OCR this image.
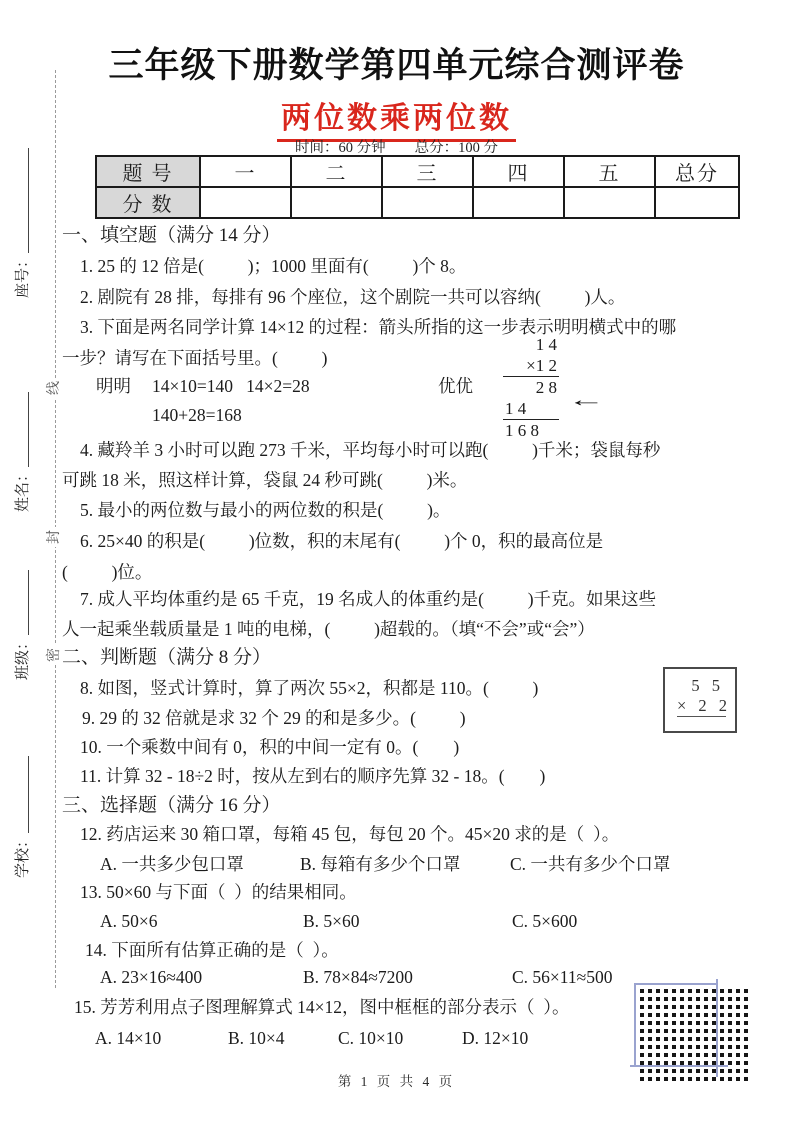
座号：
姓名：
班级：
学校：
线
封
密
三年级下册数学第四单元综合测评卷
两位数乘两位数
时间：60 分钟        总分：100 分
题 号	一	二	三	四	五	总分
分 数						
一、填空题（满分 14 分）
1. 25 的 12 倍是(          )；1000 里面有(          )个 8。
2. 剧院有 28 排，每排有 96 个座位，这个剧院一共可以容纳(          )人。
3. 下面是两名同学计算 14×12 的过程：箭头所指的这一步表示明明横式中的哪
一步？请写在下面括号里。(          )
明明 14×10=140   14×2=28
140+28=168
优优
1 4
×1 2
2 8
1 4
1 6 8
←
4. 藏羚羊 3 小时可以跑 273 千米，平均每小时可以跑(          )千米；袋鼠每秒
可跳 18 米，照这样计算，袋鼠 24 秒可跳(          )米。
5. 最小的两位数与最小的两位数的积是(          )。
6. 25×40 的积是(          )位数，积的末尾有(          )个 0，积的最高位是
(          )位。
7. 成人平均体重约是 65 千克，19 名成人的体重约是(          )千克。如果这些
人一起乘坐载质量是 1 吨的电梯，(          )超载的。（填“不会”或“会”）
二、判断题（满分 8 分）
8. 如图，竖式计算时，算了两次 55×2，积都是 110。(          )
9. 29 的 32 倍就是求 32 个 29 的和是多少。(          )
10. 一个乘数中间有 0，积的中间一定有 0。(        )
11. 计算 32 - 18÷2 时，按从左到右的顺序先算 32 - 18。(        )
5 5
× 2 2
三、选择题（满分 16 分）
12. 药店运来 30 箱口罩，每箱 45 包，每包 20 个。45×20 求的是（  ）。
A. 一共多少包口罩	B. 每箱有多少个口罩	C. 一共有多少个口罩
13. 50×60 与下面（  ）的结果相同。
A. 50×6	B. 5×60	C. 5×600
14. 下面所有估算正确的是（  ）。
A. 23×16≈400	B. 78×84≈7200	C. 56×11≈500
15. 芳芳利用点子图理解算式 14×12，图中框框的部分表示（  ）。
A. 14×10	B. 10×4	C. 10×10	D. 12×10
第 1 页 共 4 页
